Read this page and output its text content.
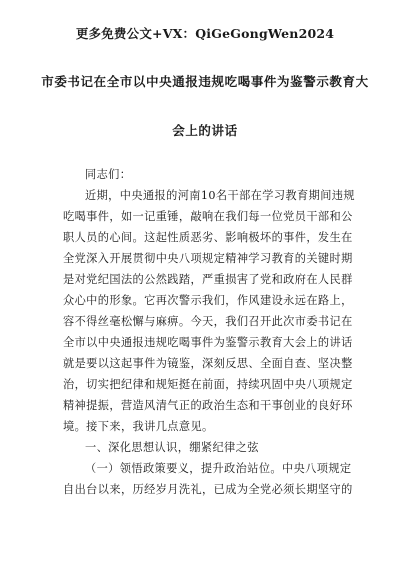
更多免费公文+VX：QiGeGongWen2024
市委书记在全市以中央通报违规吃喝事件为鉴警示教育大
会上的讲话
同志们：
近期，中央通报的河南10名干部在学习教育期间违规
吃喝事件，如一记重锤，敲响在我们每一位党员干部和公
职人员的心间。这起性质恶劣、影响极坏的事件，发生在
全党深入开展贯彻中央八项规定精神学习教育的关键时期
是对党纪国法的公然践踏，严重损害了党和政府在人民群
众心中的形象。它再次警示我们，作风建设永远在路上，
容不得丝毫松懈与麻痹。今天，我们召开此次市委书记在
全市以中央通报违规吃喝事件为鉴警示教育大会上的讲话
就是要以这起事件为镜鉴，深刻反思、全面自查、坚决整
治，切实把纪律和规矩挺在前面，持续巩固中央八项规定
精神提振，营造风清气正的政治生态和干事创业的良好环
境。接下来，我讲几点意见。
一、深化思想认识，绷紧纪律之弦
（一）领悟政策要义，提升政治站位。中央八项规定
自出台以来，历经岁月洗礼，已成为全党必须长期坚守的
